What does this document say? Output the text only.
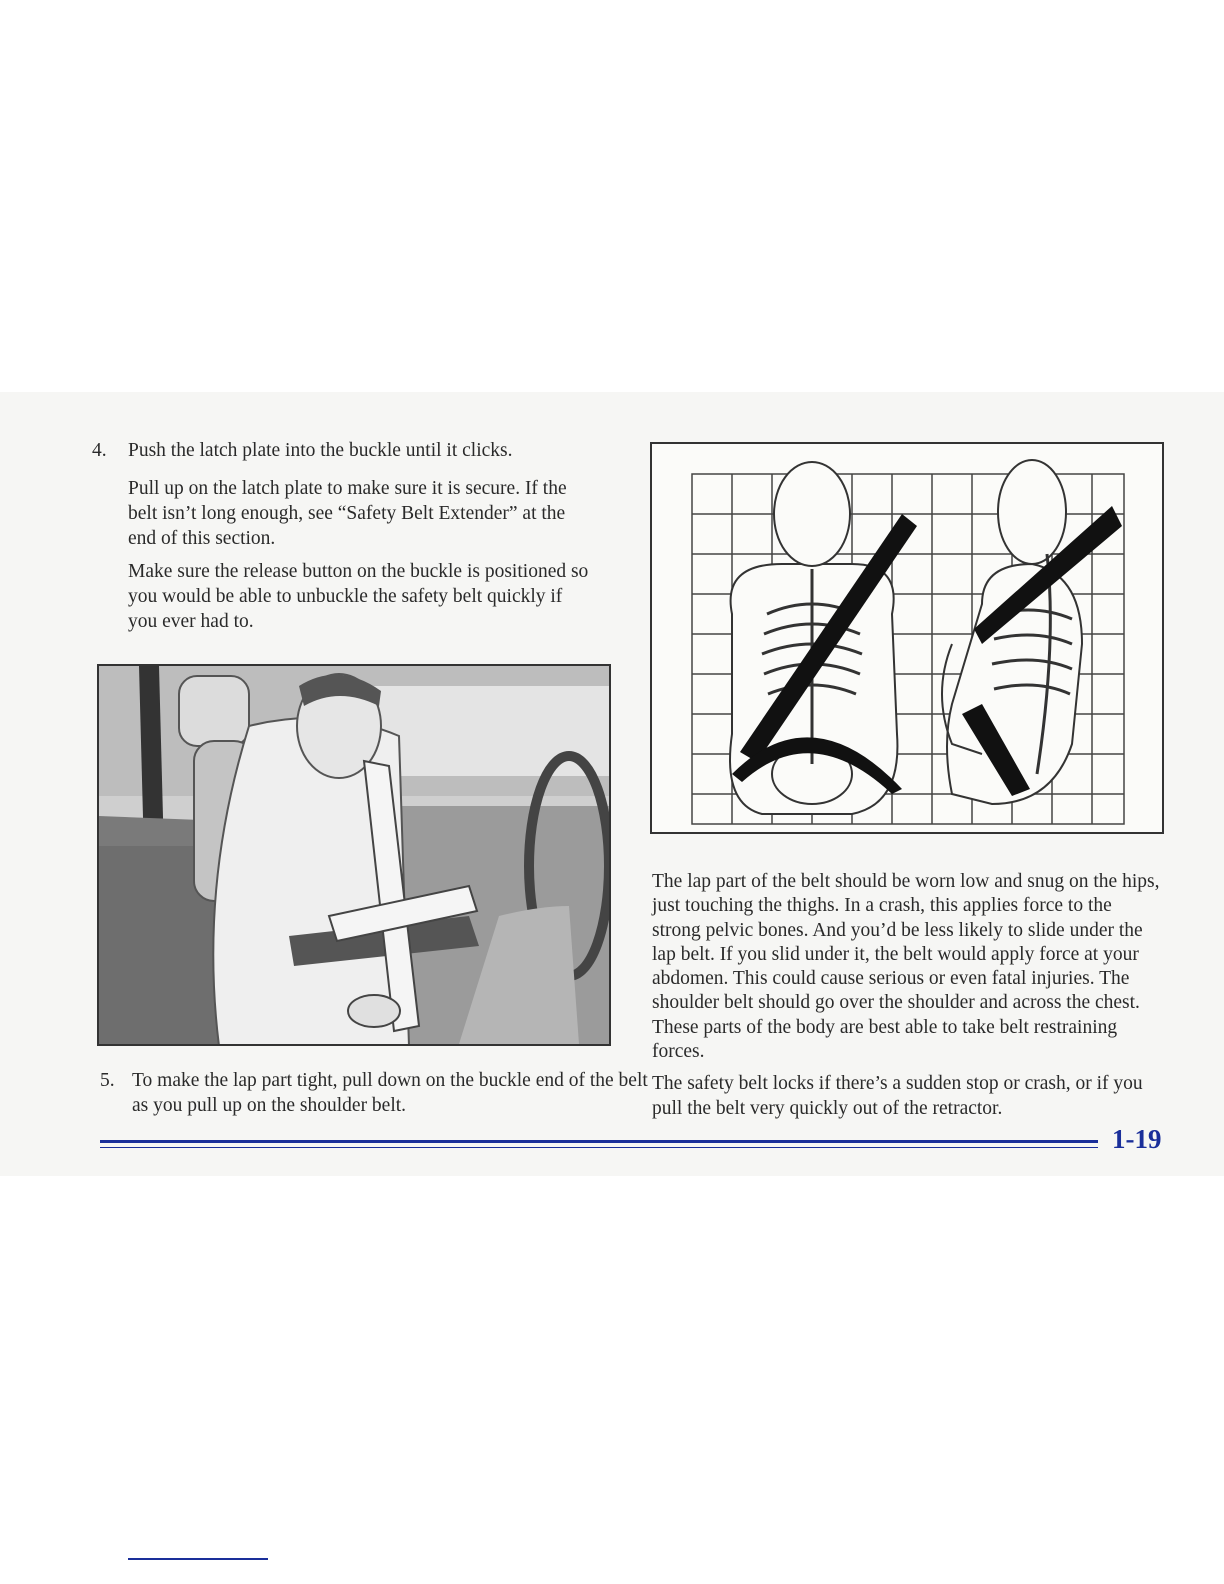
4. Push the latch plate into the buckle until it clicks.

Pull up on the latch plate to make sure it is secure. If the belt isn’t long enough, see “Safety Belt Extender” at the end of this section.

Make sure the release button on the buckle is positioned so you would be able to unbuckle the safety belt quickly if you ever had to.

5. To make the lap part tight, pull down on the buckle end of the belt as you pull up on the shoulder belt.

The lap part of the belt should be worn low and snug on the hips, just touching the thighs. In a crash, this applies force to the strong pelvic bones. And you’d be less likely to slide under the lap belt. If you slid under it, the belt would apply force at your abdomen. This could cause serious or even fatal injuries. The shoulder belt should go over the shoulder and across the chest. These parts of the body are best able to take belt restraining forces.

The safety belt locks if there’s a sudden stop or crash, or if you pull the belt very quickly out of the retractor.

1-19
